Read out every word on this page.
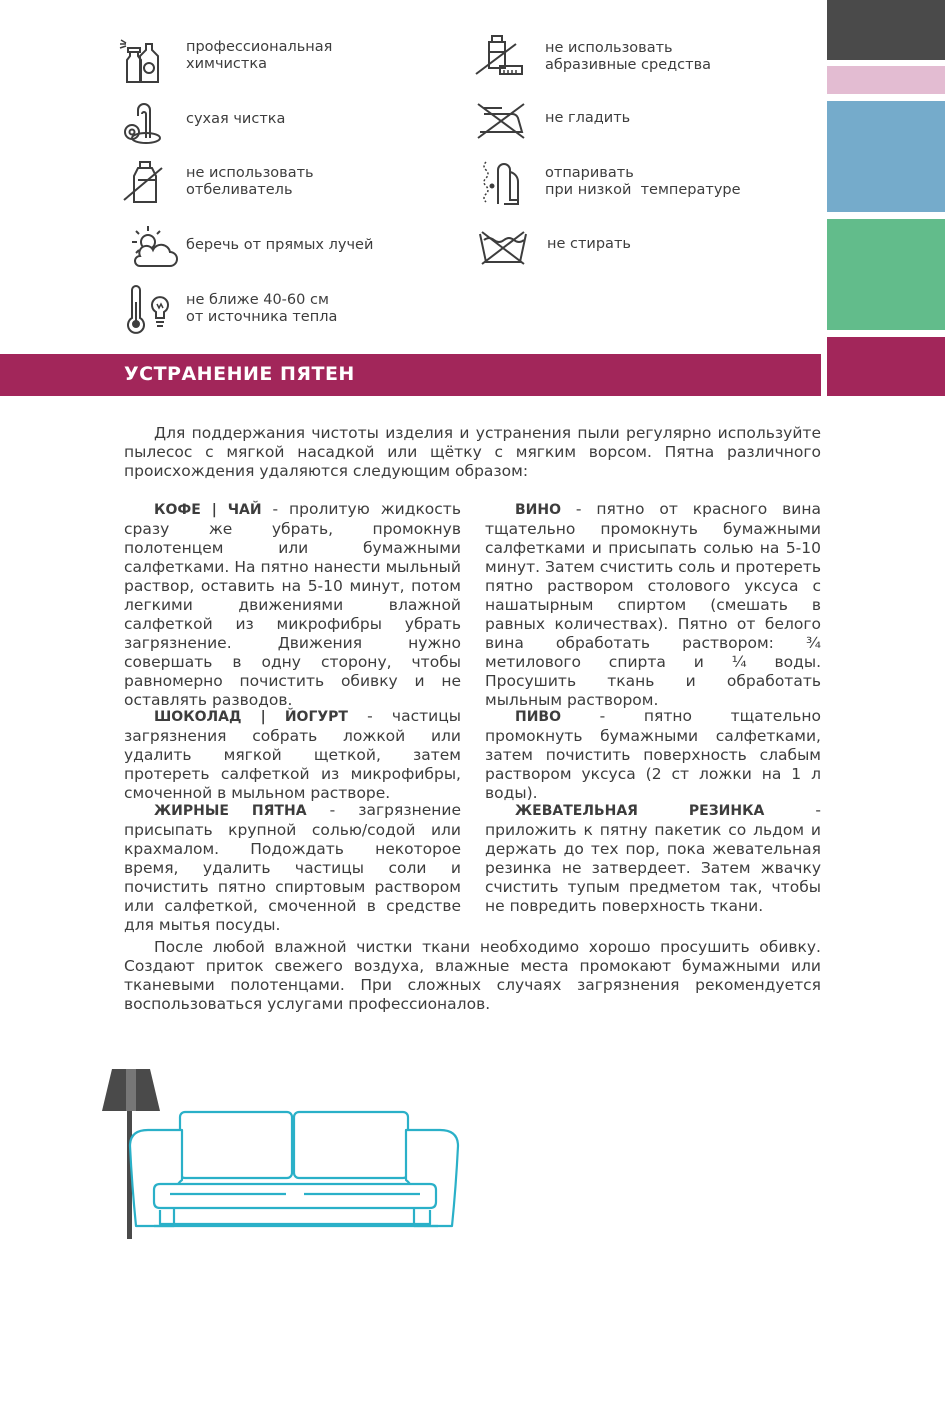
профессиональная
химчистка
сухая чистка
не использовать
отбеливатель
беречь от прямых лучей
не ближе 40-60 см
от источника тепла
не использовать
абразивные средства
не гладить
отпаривать
при низкой  температуре
не стирать
УСТРАНЕНИЕ ПЯТЕН
Для поддержания чистоты изделия и устранения пыли регулярно используйте пылесос с мягкой насадкой или щётку с мягким ворсом. Пятна различного происхождения удаляются следующим образом:
КОФЕ | ЧАЙ - пролитую жидкость сразу же убрать, промокнув полотенцем или бумажными салфетками. На пятно нанести мыльный раствор, оставить на 5-10 минут, потом легкими движениями влажной салфеткой из микрофибры убрать загрязнение. Движения нужно совершать в одну сторону, чтобы равномерно почистить обивку и не оставлять разводов.
ШОКОЛАД | ЙОГУРТ - частицы загрязнения собрать ложкой или удалить мягкой щеткой, затем протереть салфеткой из микрофибры, смоченной в мыльном растворе.
ЖИРНЫЕ ПЯТНА - загрязнение присыпать крупной солью/содой или крахмалом. Подождать некоторое время, удалить частицы соли и почистить пятно спиртовым раствором или салфеткой, смоченной в средстве для мытья посуды.
ВИНО - пятно от красного вина тщательно промокнуть бумажными салфетками и присыпать солью на 5-10 минут. Затем счистить соль и протереть пятно раствором столового уксуса с нашатырным спиртом (смешать в равных количествах). Пятно от белого вина обработать раствором: ¾ метилового спирта и ¼ воды. Просушить ткань и обработать мыльным раствором.
ПИВО - пятно тщательно промокнуть бумажными салфетками, затем почистить поверхность слабым раствором уксуса (2 ст ложки на 1 л воды).
ЖЕВАТЕЛЬНАЯ РЕЗИНКА - приложить к пятну пакетик со льдом и держать до тех пор, пока жевательная резинка не затвердеет. Затем жвачку счистить тупым предметом так, чтобы не повредить поверхность ткани.
После любой влажной чистки ткани необходимо хорошо просушить обивку. Создают приток свежего воздуха, влажные места промокают бумажными или тканевыми полотенцами. При сложных случаях загрязнения рекомендуется воспользоваться услугами профессионалов.
